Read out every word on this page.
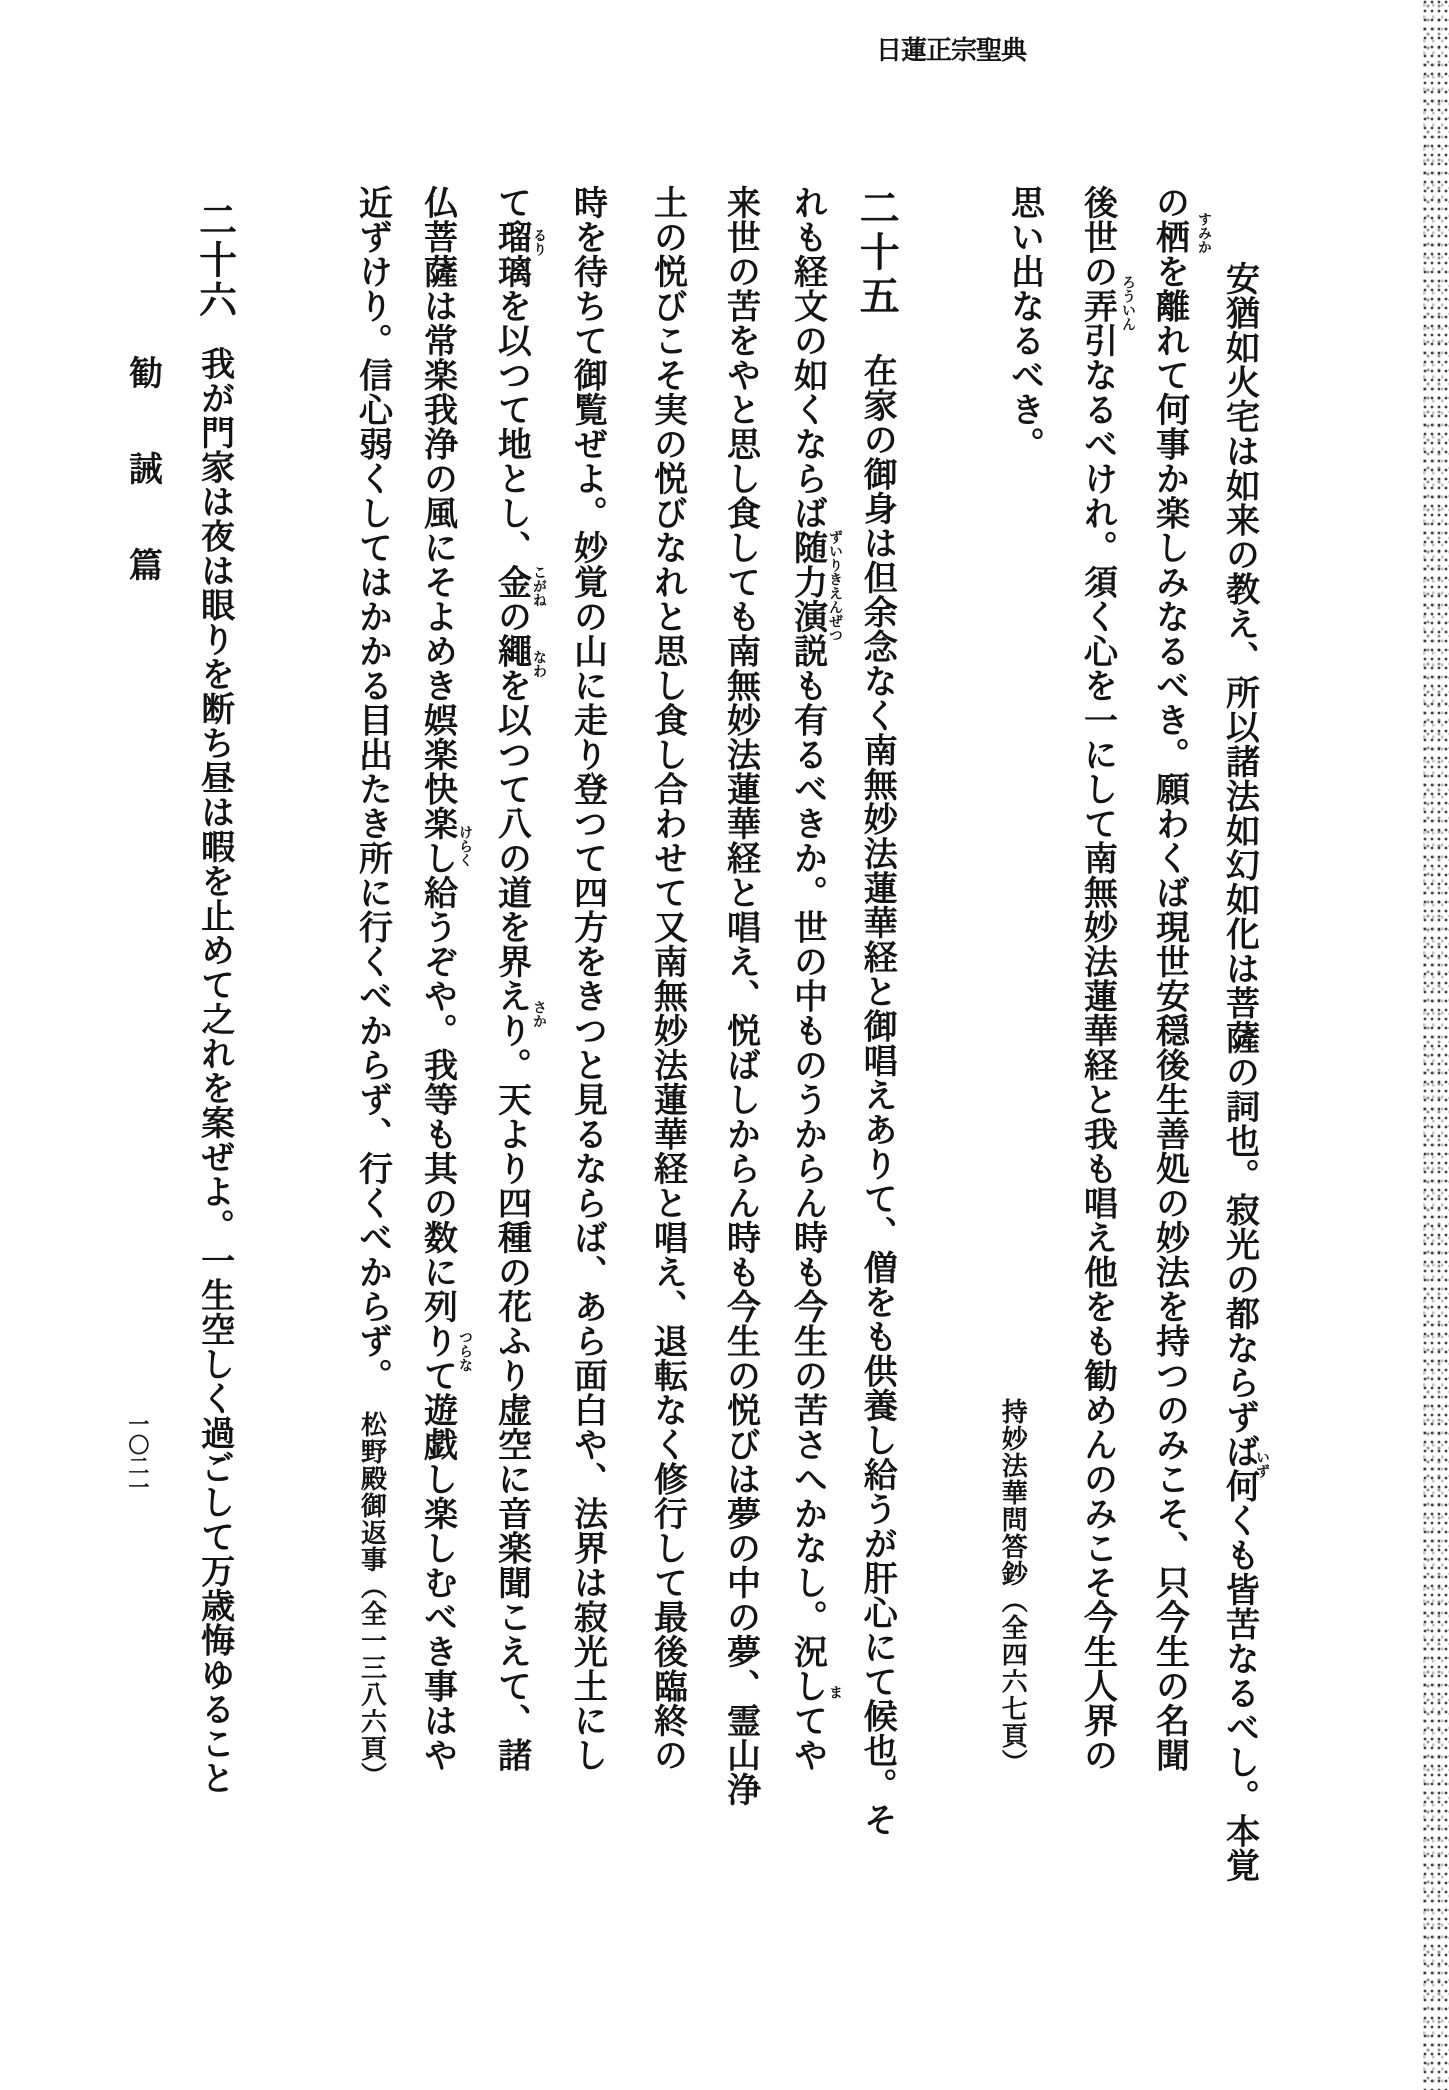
日蓮正宗聖典
安猶如火宅は如来の教え、所以諸法如幻如化は菩薩の詞也。寂光の都ならずば何くも皆苦なるべし。本覚
の栖を離れて何事か楽しみなるべき。願わくば現世安穏後生善処の妙法を持つのみこそ、只今生の名聞
後世の弄引なるべけれ。須く心を一にして南無妙法蓮華経と我も唱え他をも勧めんのみこそ今生人界の
思い出なるべき。
持妙法華問答鈔（全四六七頁）
二十五在家の御身は但余念なく南無妙法蓮華経と御唱えありて、僧をも供養し給うが肝心にて候也。そ
れも経文の如くならば随力演説も有るべきか。世の中ものうからん時も今生の苦さへかなし。況してや
来世の苦をやと思し食しても南無妙法蓮華経と唱え、悦ばしからん時も今生の悦びは夢の中の夢、霊山浄
土の悦びこそ実の悦びなれと思し食し合わせて又南無妙法蓮華経と唱え、退転なく修行して最後臨終の
時を待ちて御覧ぜよ。妙覚の山に走り登つて四方をきつと見るならば、あら面白や、法界は寂光土にし
て瑠璃を以つて地とし、金の繩を以つて八の道を界えり。天より四種の花ふり虚空に音楽聞こえて、諸
仏菩薩は常楽我浄の風にそよめき娯楽快楽し給うぞや。我等も其の数に列りて遊戯し楽しむべき事はや
近ずけり。信心弱くしてはかかる目出たき所に行くべからず、行くべからず。松野殿御返事（全一三八六頁）
二十六我が門家は夜は眼りを断ち昼は暇を止めて之れを案ぜよ。一生空しく過ごして万歳悔ゆること
勧誡篇
一〇二一
すみか
ろういん
いず
ずいりきえんぜつ
ま
るり
こがね
なわ
さか
けらく
つらな
